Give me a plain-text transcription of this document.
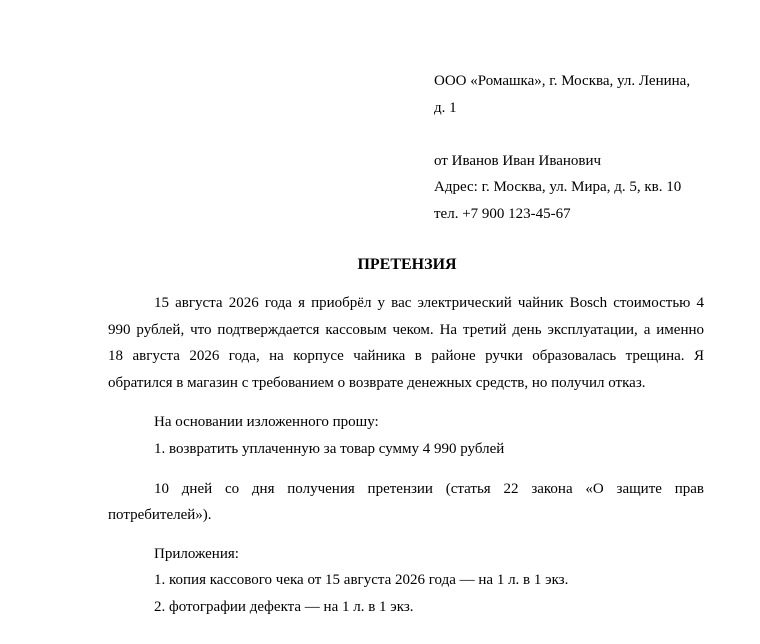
ООО «Ромашка», г. Москва, ул. Ленина,
д. 1
от Иванов Иван Иванович
Адрес: г. Москва, ул. Мира, д. 5, кв. 10
тел. +7 900 123-45-67
ПРЕТЕНЗИЯ
15 августа 2026 года я приобрёл у вас электрический чайник Bosch стоимостью 4
990 рублей, что подтверждается кассовым чеком. На третий день эксплуатации, а именно
18 августа 2026 года, на корпусе чайника в районе ручки образовалась трещина. Я
обратился в магазин с требованием о возврате денежных средств, но получил отказ.
На основании изложенного прошу:
1. возвратить уплаченную за товар сумму 4 990 рублей
10 дней со дня получения претензии (статья 22 закона «О защите прав
потребителей»).
Приложения:
1. копия кассового чека от 15 августа 2026 года — на 1 л. в 1 экз.
2. фотографии дефекта — на 1 л. в 1 экз.
